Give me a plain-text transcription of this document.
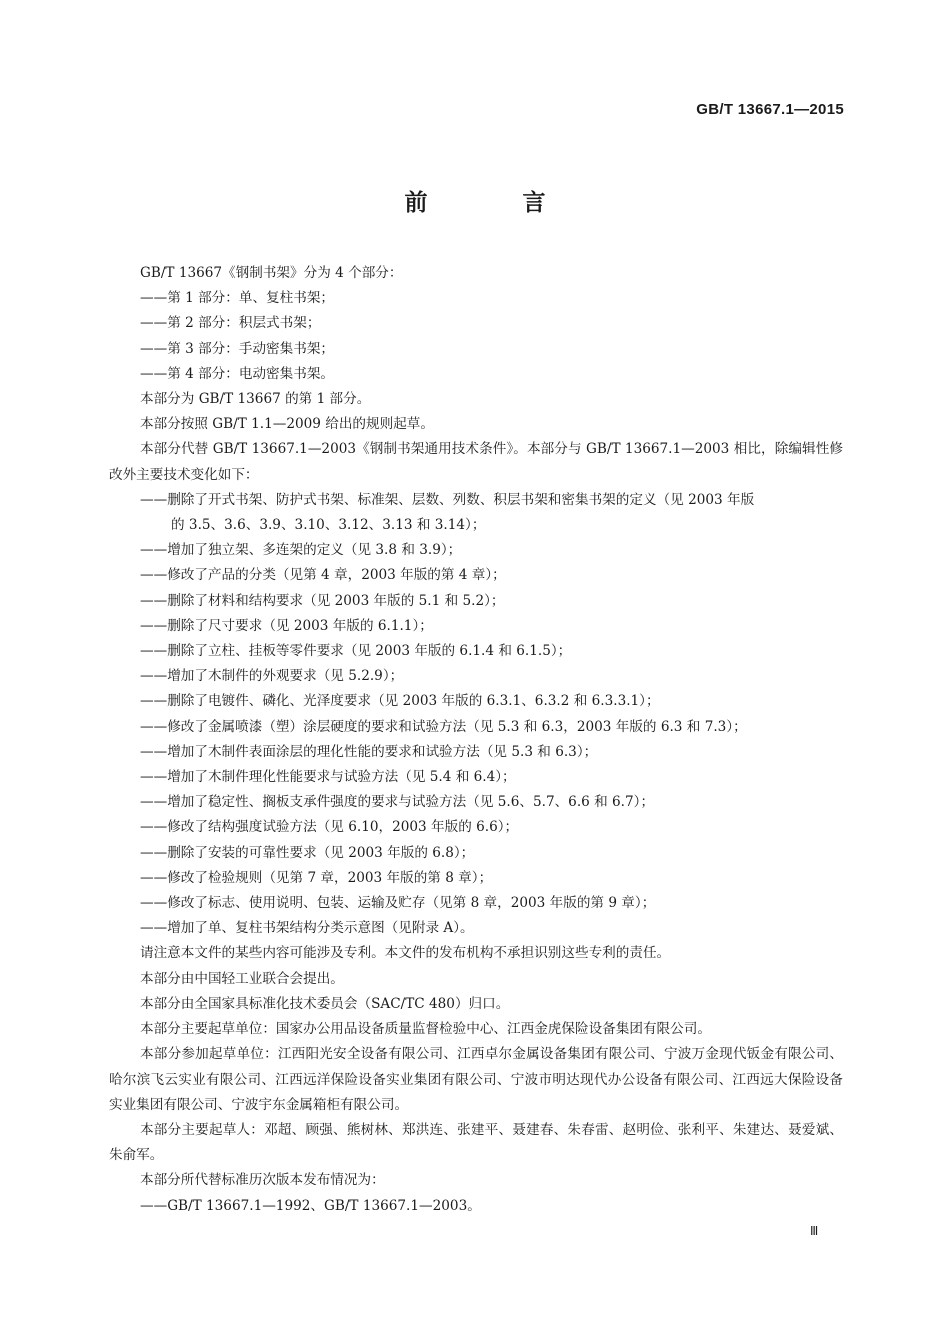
GB/T 13667.1—2015
前　言
GB/T 13667《钢制书架》分为 4 个部分：
——第 1 部分：单、复柱书架；
——第 2 部分：积层式书架；
——第 3 部分：手动密集书架；
——第 4 部分：电动密集书架。
本部分为 GB/T 13667 的第 1 部分。
本部分按照 GB/T 1.1—2009 给出的规则起草。
本部分代替 GB/T 13667.1—2003《钢制书架通用技术条件》。本部分与 GB/T 13667.1—2003 相比，除编辑性修改外主要技术变化如下：
——删除了开式书架、防护式书架、标准架、层数、列数、积层书架和密集书架的定义（见 2003 年版
的 3.5、3.6、3.9、3.10、3.12、3.13 和 3.14）；
——增加了独立架、多连架的定义（见 3.8 和 3.9）；
——修改了产品的分类（见第 4 章，2003 年版的第 4 章）；
——删除了材料和结构要求（见 2003 年版的 5.1 和 5.2）；
——删除了尺寸要求（见 2003 年版的 6.1.1）；
——删除了立柱、挂板等零件要求（见 2003 年版的 6.1.4 和 6.1.5）；
——增加了木制件的外观要求（见 5.2.9）；
——删除了电镀件、磷化、光泽度要求（见 2003 年版的 6.3.1、6.3.2 和 6.3.3.1）；
——修改了金属喷漆（塑）涂层硬度的要求和试验方法（见 5.3 和 6.3，2003 年版的 6.3 和 7.3）；
——增加了木制件表面涂层的理化性能的要求和试验方法（见 5.3 和 6.3）；
——增加了木制件理化性能要求与试验方法（见 5.4 和 6.4）；
——增加了稳定性、搁板支承件强度的要求与试验方法（见 5.6、5.7、6.6 和 6.7）；
——修改了结构强度试验方法（见 6.10，2003 年版的 6.6）；
——删除了安装的可靠性要求（见 2003 年版的 6.8）；
——修改了检验规则（见第 7 章，2003 年版的第 8 章）；
——修改了标志、使用说明、包装、运输及贮存（见第 8 章，2003 年版的第 9 章）；
——增加了单、复柱书架结构分类示意图（见附录 A）。
请注意本文件的某些内容可能涉及专利。本文件的发布机构不承担识别这些专利的责任。
本部分由中国轻工业联合会提出。
本部分由全国家具标准化技术委员会（SAC/TC 480）归口。
本部分主要起草单位：国家办公用品设备质量监督检验中心、江西金虎保险设备集团有限公司。
本部分参加起草单位：江西阳光安全设备有限公司、江西卓尔金属设备集团有限公司、宁波万金现代钣金有限公司、哈尔滨飞云实业有限公司、江西远洋保险设备实业集团有限公司、宁波市明达现代办公设备有限公司、江西远大保险设备实业集团有限公司、宁波宇东金属箱柜有限公司。
本部分主要起草人：邓超、顾强、熊树林、郑洪连、张建平、聂建春、朱春雷、赵明俭、张利平、朱建达、聂爱斌、朱俞军。
本部分所代替标准历次版本发布情况为：
——GB/T 13667.1—1992、GB/T 13667.1—2003。
Ⅲ
